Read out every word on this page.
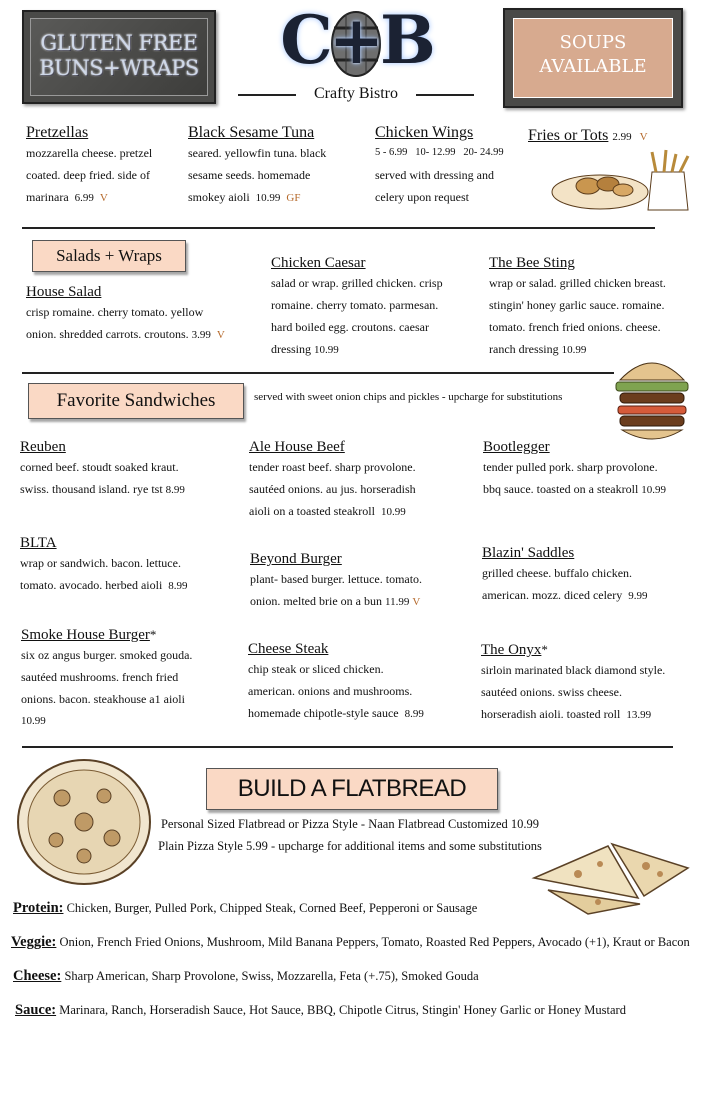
GLUTEN FREE
BUNS+WRAPS	C+B
Crafty Bistro
SOUPS
AVAILABLE
Pretzellas
mozzarella cheese. pretzel
coated. deep fried. side of
marinara 6.99 V
Black Sesame Tuna
seared. yellowfin tuna. black
sesame seeds. homemade
smokey aioli 10.99 GF
Chicken Wings
5 - 6.99   10- 12.99   20- 24.99
served with dressing and
celery upon request
Fries or Tots 2.99 V
Salads + Wraps
House Salad
crisp romaine. cherry tomato. yellow
onion. shredded carrots. croutons. 3.99 V
Chicken Caesar
salad or wrap. grilled chicken. crisp
romaine. cherry tomato. parmesan.
hard boiled egg. croutons. caesar
dressing 10.99
The Bee Sting
wrap or salad. grilled chicken breast.
stingin' honey garlic sauce. romaine.
tomato. french fried onions. cheese.
ranch dressing 10.99
Favorite Sandwiches	served with sweet onion chips and pickles - upcharge for substitutions
Reuben
corned beef. stoudt soaked kraut.
swiss. thousand island. rye tst 8.99
Ale House Beef
tender roast beef. sharp provolone.
sautéed onions. au jus. horseradish
aioli on a toasted steakroll 10.99
Bootlegger
tender pulled pork. sharp provolone.
bbq sauce. toasted on a steakroll 10.99
BLTA
wrap or sandwich. bacon. lettuce.
tomato. avocado. herbed aioli 8.99
Beyond Burger
plant- based burger. lettuce. tomato.
onion. melted brie on a bun 11.99 V
Blazin' Saddles
grilled cheese. buffalo chicken.
american. mozz. diced celery 9.99
Smoke House Burger*
six oz angus burger. smoked gouda.
sautéed mushrooms. french fried
onions. bacon. steakhouse a1 aioli
10.99
Cheese Steak
chip steak or sliced chicken.
american. onions and mushrooms.
homemade chipotle-style sauce 8.99
The Onyx*
sirloin marinated black diamond style.
sautéed onions. swiss cheese.
horseradish aioli. toasted roll 13.99
BUILD A FLATBREAD
Personal Sized Flatbread or Pizza Style - Naan Flatbread Customized 10.99
Plain Pizza Style 5.99 - upcharge for additional items and some substitutions
Protein: Chicken, Burger, Pulled Pork, Chipped Steak, Corned Beef, Pepperoni or Sausage
Veggie: Onion, French Fried Onions, Mushroom, Mild Banana Peppers, Tomato, Roasted Red Peppers, Avocado (+1), Kraut or Bacon
Cheese: Sharp American, Sharp Provolone, Swiss, Mozzarella, Feta (+.75), Smoked Gouda
Sauce: Marinara, Ranch, Horseradish Sauce, Hot Sauce, BBQ, Chipotle Citrus, Stingin' Honey Garlic or Honey Mustard
